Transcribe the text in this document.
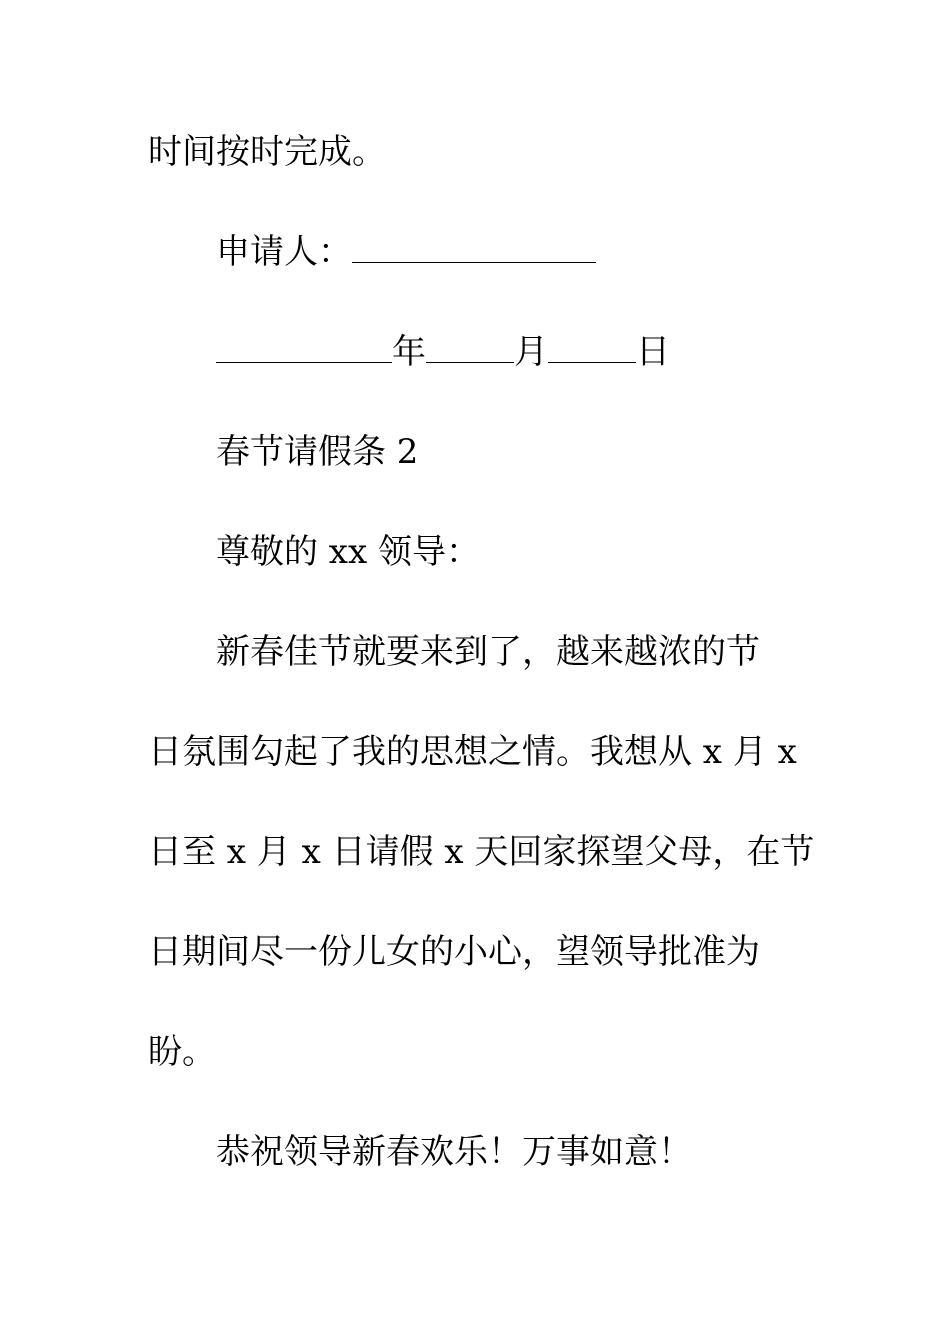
时间按时完成。
申请人：
年	月	日
春节请假条 2
尊敬的 xx 领导：
新春佳节就要来到了，越来越浓的节
日氛围勾起了我的思想之情。我想从 x 月 x
日至 x 月 x 日请假 x 天回家探望父母，在节
日期间尽一份儿女的小心，望领导批准为
盼。
恭祝领导新春欢乐！万事如意！
